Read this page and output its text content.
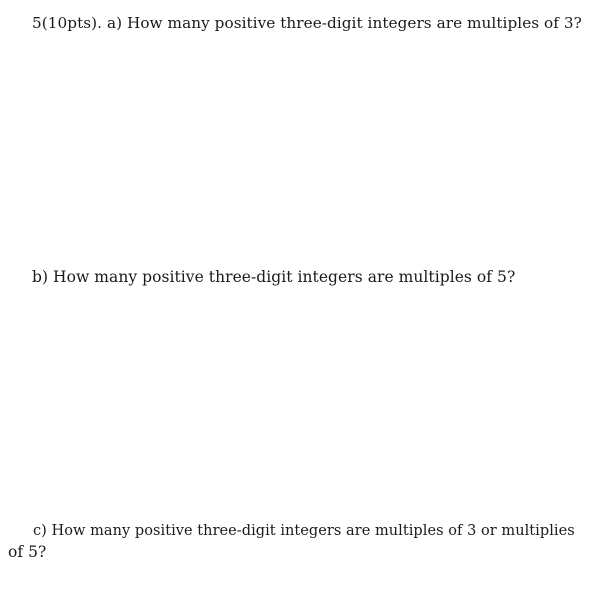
5(10pts). a) How many positive three-digit integers are multiples of 3?
b) How many positive three-digit integers are multiples of 5?
c) How many positive three-digit integers are multiples of 3 or multiplies
of 5?
